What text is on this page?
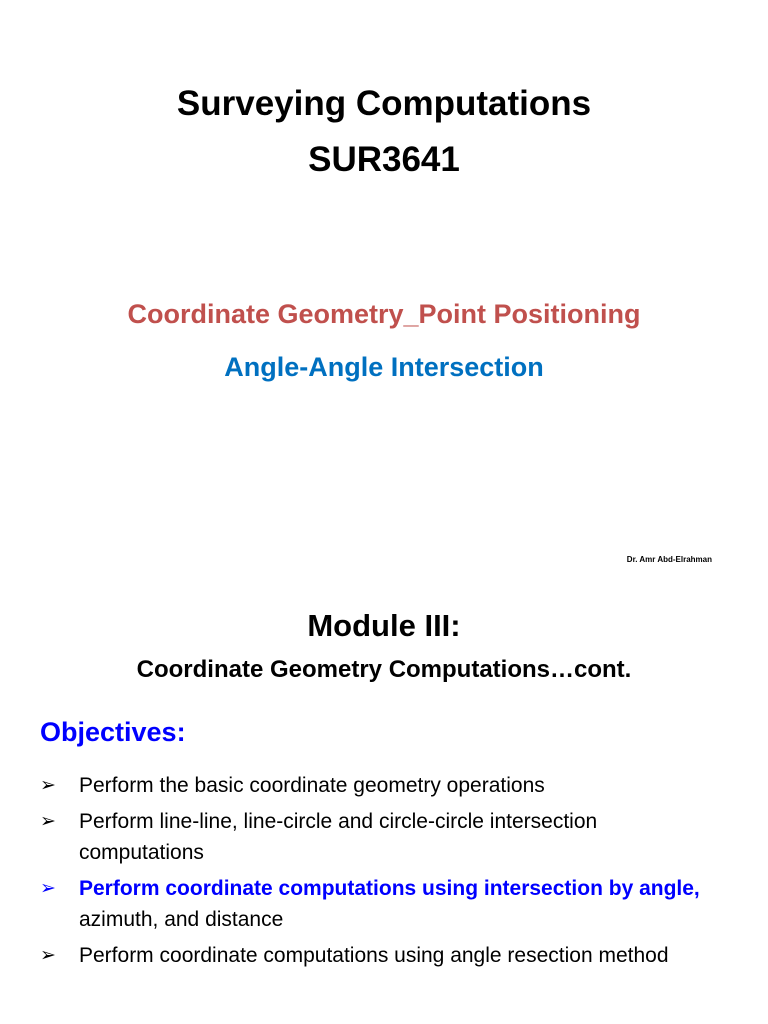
Surveying Computations
SUR3641
Coordinate Geometry_Point Positioning
Angle-Angle Intersection
Dr. Amr Abd-Elrahman
Module III:
Coordinate Geometry Computations…cont.
Objectives:
➢	Perform the basic coordinate geometry operations
➢	Perform line-line, line-circle and circle-circle intersection computations
➢	Perform coordinate computations using intersection by angle, azimuth, and distance
➢	Perform coordinate computations using angle resection method
